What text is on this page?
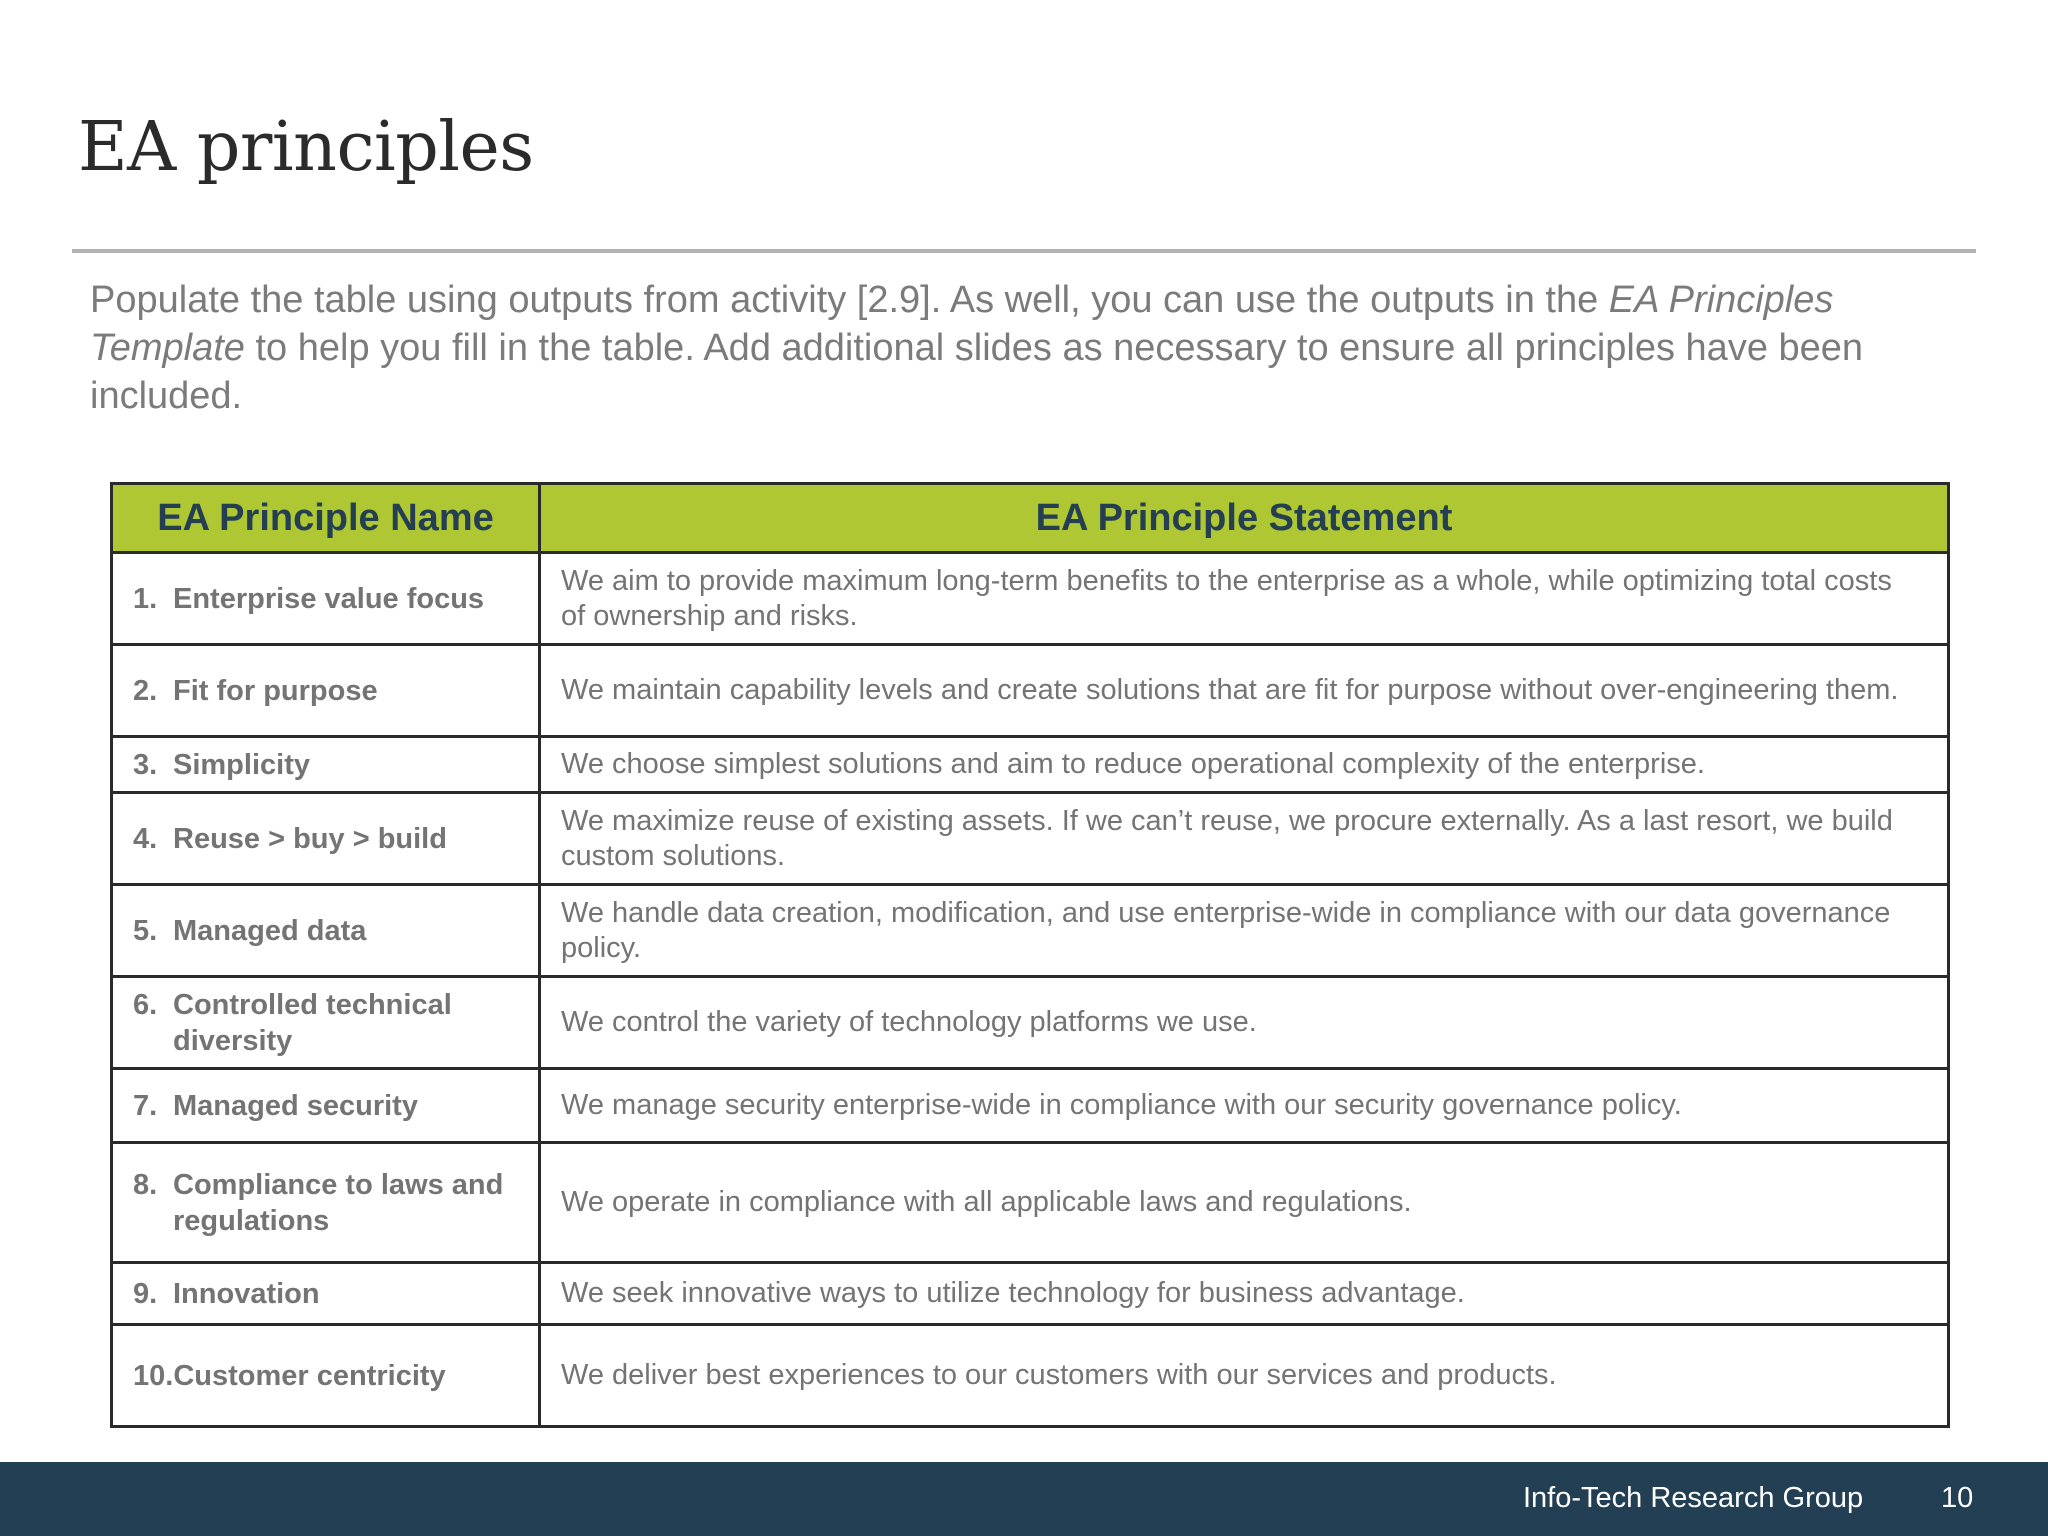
EA principles

Populate the table using outputs from activity [2.9]. As well, you can use the outputs in the EA Principles Template to help you fill in the table. Add additional slides as necessary to ensure all principles have been included.

EA Principle Name	EA Principle Statement

1. Enterprise value focus	We aim to provide maximum long-term benefits to the enterprise as a whole, while optimizing total costs of ownership and risks.

2. Fit for purpose	We maintain capability levels and create solutions that are fit for purpose without over-engineering them.

3. Simplicity	We choose simplest solutions and aim to reduce operational complexity of the enterprise.

4. Reuse > buy > build	We maximize reuse of existing assets. If we can’t reuse, we procure externally. As a last resort, we build custom solutions.

5. Managed data	We handle data creation, modification, and use enterprise-wide in compliance with our data governance policy.

6. Controlled technical diversity	We control the variety of technology platforms we use.

7. Managed security	We manage security enterprise-wide in compliance with our security governance policy.

8. Compliance to laws and regulations	We operate in compliance with all applicable laws and regulations.

9. Innovation	We seek innovative ways to utilize technology for business advantage.

10. Customer centricity	We deliver best experiences to our customers with our services and products.
Info-Tech Research Group	10
